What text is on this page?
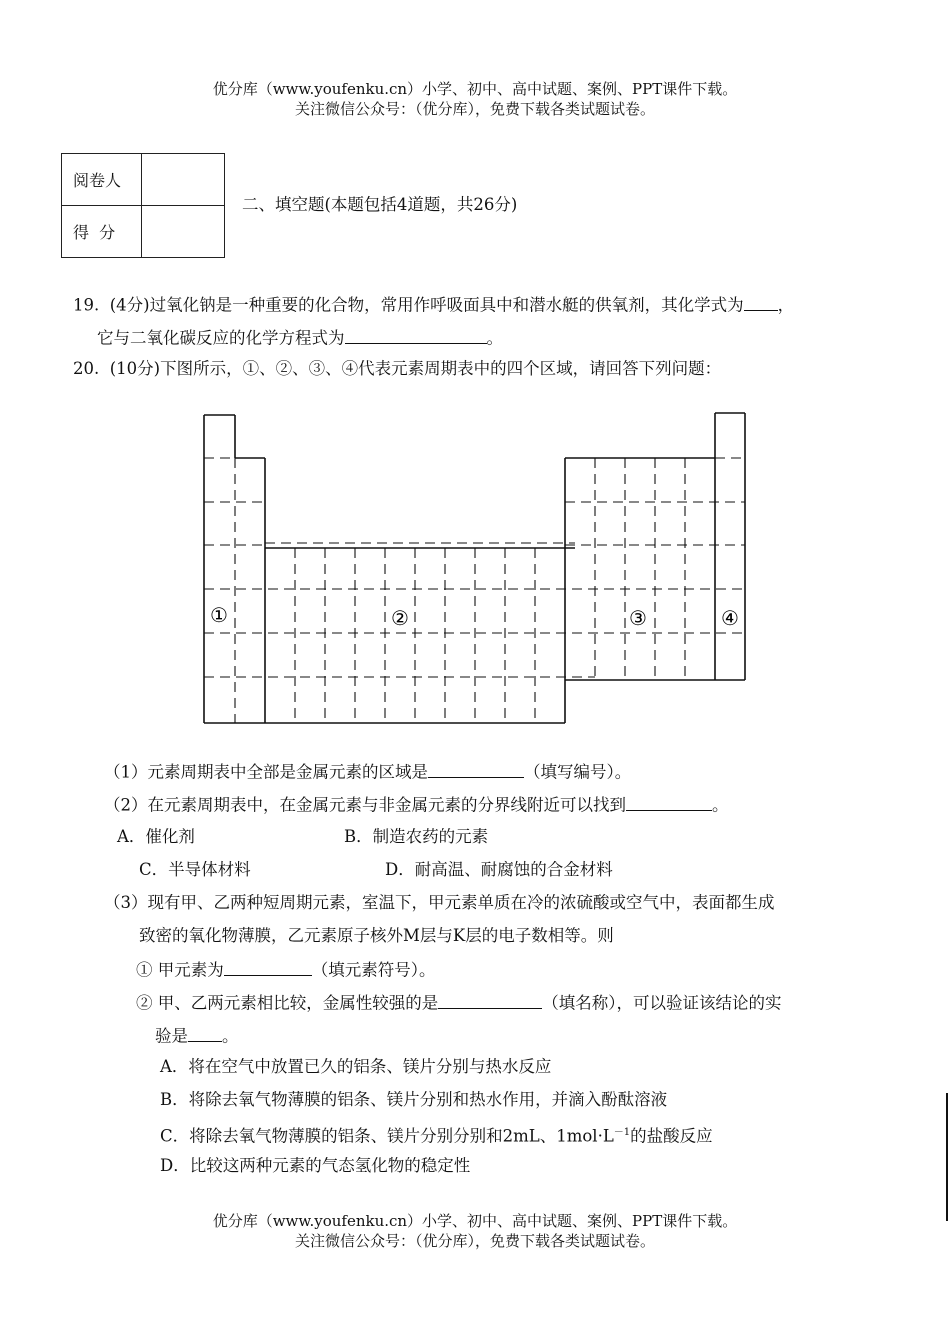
优分库（www.youfenku.cn）小学、初中、高中试题、案例、PPT课件下载。
关注微信公众号：（优分库），免费下载各类试题试卷。
阅卷人	
得  分	
二、填空题(本题包括4道题，共26分)
19. (4分)过氧化钠是一种重要的化合物，常用作呼吸面具中和潜水艇的供氧剂，其化学式为 ，
它与二氧化碳反应的化学方程式为	。
20. (10分)下图所示，①、②、③、④代表元素周期表中的四个区域，请回答下列问题：
①	②	③	④
（1）元素周期表中全部是金属元素的区域是	（填写编号）。
（2）在元素周期表中，在金属元素与非金属元素的分界线附近可以找到	。
A．催化剂	B．制造农药的元素
C．半导体材料	D．耐高温、耐腐蚀的合金材料
（3）现有甲、乙两种短周期元素，室温下，甲元素单质在冷的浓硫酸或空气中，表面都生成
致密的氧化物薄膜，乙元素原子核外M层与K层的电子数相等。则
① 甲元素为	（填元素符号）。
② 甲、乙两元素相比较，金属性较强的是	（填名称），可以验证该结论的实
验是 。
A．将在空气中放置已久的铝条、镁片分别与热水反应
B．将除去氧气物薄膜的铝条、镁片分别和热水作用，并滴入酚酞溶液
C．将除去氧气物薄膜的铝条、镁片分别分别和2mL、$1mol\cdot L^{-1}$的盐酸反应
D．比较这两种元素的气态氢化物的稳定性
优分库（www.youfenku.cn）小学、初中、高中试题、案例、PPT课件下载。
关注微信公众号：（优分库），免费下载各类试题试卷。
